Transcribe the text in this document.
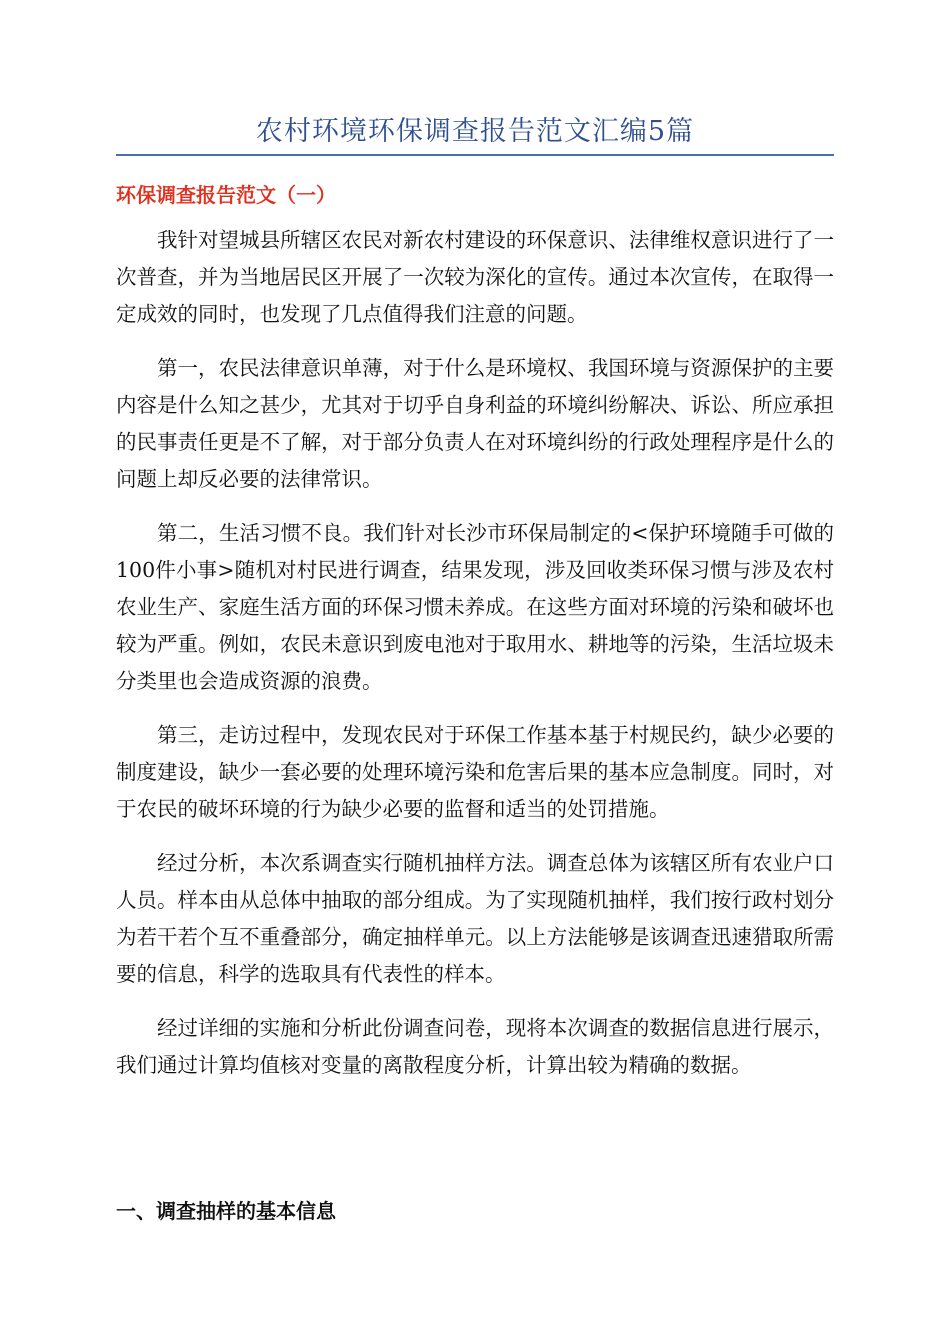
农村环境环保调查报告范文汇编5篇
环保调查报告范文（一）

我针对望城县所辖区农民对新农村建设的环保意识、法律维权意识进行了一次普查，并为当地居民区开展了一次较为深化的宣传。通过本次宣传，在取得一定成效的同时，也发现了几点值得我们注意的问题。

第一，农民法律意识单薄，对于什么是环境权、我国环境与资源保护的主要内容是什么知之甚少，尤其对于切乎自身利益的环境纠纷解决、诉讼、所应承担的民事责任更是不了解，对于部分负责人在对环境纠纷的行政处理程序是什么的问题上却反必要的法律常识。

第二，生活习惯不良。我们针对长沙市环保局制定的<保护环境随手可做的100件小事>随机对村民进行调查，结果发现，涉及回收类环保习惯与涉及农村农业生产、家庭生活方面的环保习惯未养成。在这些方面对环境的污染和破坏也较为严重。例如，农民未意识到废电池对于取用水、耕地等的污染，生活垃圾未分类里也会造成资源的浪费。

第三，走访过程中，发现农民对于环保工作基本基于村规民约，缺少必要的制度建设，缺少一套必要的处理环境污染和危害后果的基本应急制度。同时，对于农民的破坏环境的行为缺少必要的监督和适当的处罚措施。

经过分析，本次系调查实行随机抽样方法。调查总体为该辖区所有农业户口人员。样本由从总体中抽取的部分组成。为了实现随机抽样，我们按行政村划分为若干若个互不重叠部分，确定抽样单元。以上方法能够是该调查迅速猎取所需要的信息，科学的选取具有代表性的样本。

经过详细的实施和分析此份调查问卷，现将本次调查的数据信息进行展示，我们通过计算均值核对变量的离散程度分析，计算出较为精确的数据。

一、调查抽样的基本信息
